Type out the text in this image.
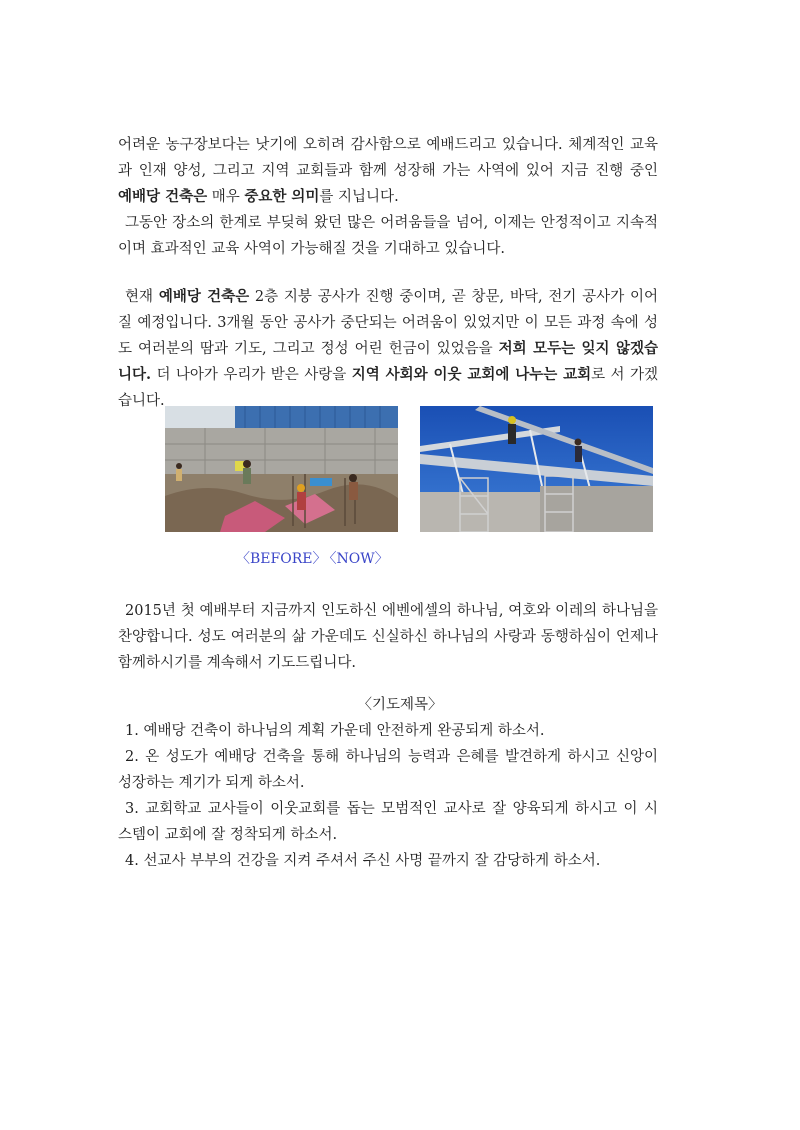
어려운 농구장보다는 낫기에 오히려 감사함으로 예배드리고 있습니다. 체계적인 교육
과 인재 양성, 그리고 지역 교회들과 함께 성장해 가는 사역에 있어 지금 진행 중인
예배당 건축은 매우 중요한 의미를 지닙니다.
그동안 장소의 한계로 부딪혀 왔던 많은 어려움들을 넘어, 이제는 안정적이고 지속적
이며 효과적인 교육 사역이 가능해질 것을 기대하고 있습니다.
현재 예배당 건축은 2층 지붕 공사가 진행 중이며, 곧 창문, 바닥, 전기 공사가 이어
질 예정입니다. 3개월 동안 공사가 중단되는 어려움이 있었지만 이 모든 과정 속에 성
도 여러분의 땀과 기도, 그리고 정성 어린 헌금이 있었음을 저희 모두는 잊지 않겠습
니다. 더 나아가 우리가 받은 사랑을 지역 사회와 이웃 교회에 나누는 교회로 서 가겠
습니다.
〈BEFORE〉 〈NOW〉
2015년 첫 예배부터 지금까지 인도하신 에벤에셀의 하나님, 여호와 이레의 하나님을
찬양합니다. 성도 여러분의 삶 가운데도 신실하신 하나님의 사랑과 동행하심이 언제나
함께하시기를 계속해서 기도드립니다.
〈기도제목〉
1. 예배당 건축이 하나님의 계획 가운데 안전하게 완공되게 하소서.
2. 온 성도가 예배당 건축을 통해 하나님의 능력과 은혜를 발견하게 하시고 신앙이
성장하는 계기가 되게 하소서.
3. 교회학교 교사들이 이웃교회를 돕는 모범적인 교사로 잘 양육되게 하시고 이 시
스템이 교회에 잘 정착되게 하소서.
4. 선교사 부부의 건강을 지켜 주셔서 주신 사명 끝까지 잘 감당하게 하소서.
